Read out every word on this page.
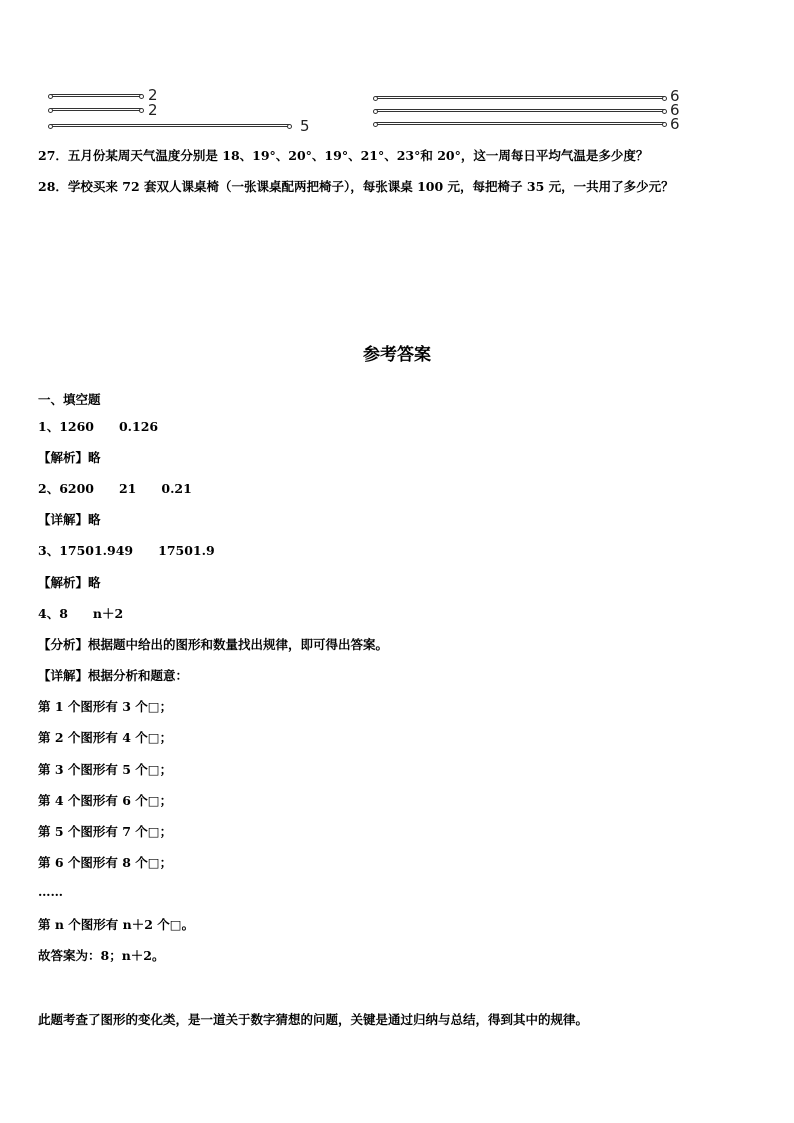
2
2
5
6
6
6
27．五月份某周天气温度分别是 18、19°、20°、19°、21°、23°和 20°，这一周每日平均气温是多少度？
28．学校买来 72 套双人课桌椅（一张课桌配两把椅子），每张课桌 100 元，每把椅子 35 元，一共用了多少元？
参考答案
一、填空题
1、1260　　0.126
【解析】略
2、6200　　21　　0.21
【详解】略
3、17501.949　　17501.9
【解析】略
4、8　　n＋2
【分析】根据题中给出的图形和数量找出规律，即可得出答案。
【详解】根据分析和题意：
第 1 个图形有 3 个□；
第 2 个图形有 4 个□；
第 3 个图形有 5 个□；
第 4 个图形有 6 个□；
第 5 个图形有 7 个□；
第 6 个图形有 8 个□；
……
第 n 个图形有 n＋2 个□。
故答案为：8；n＋2。
此题考查了图形的变化类，是一道关于数字猜想的问题，关键是通过归纳与总结，得到其中的规律。
